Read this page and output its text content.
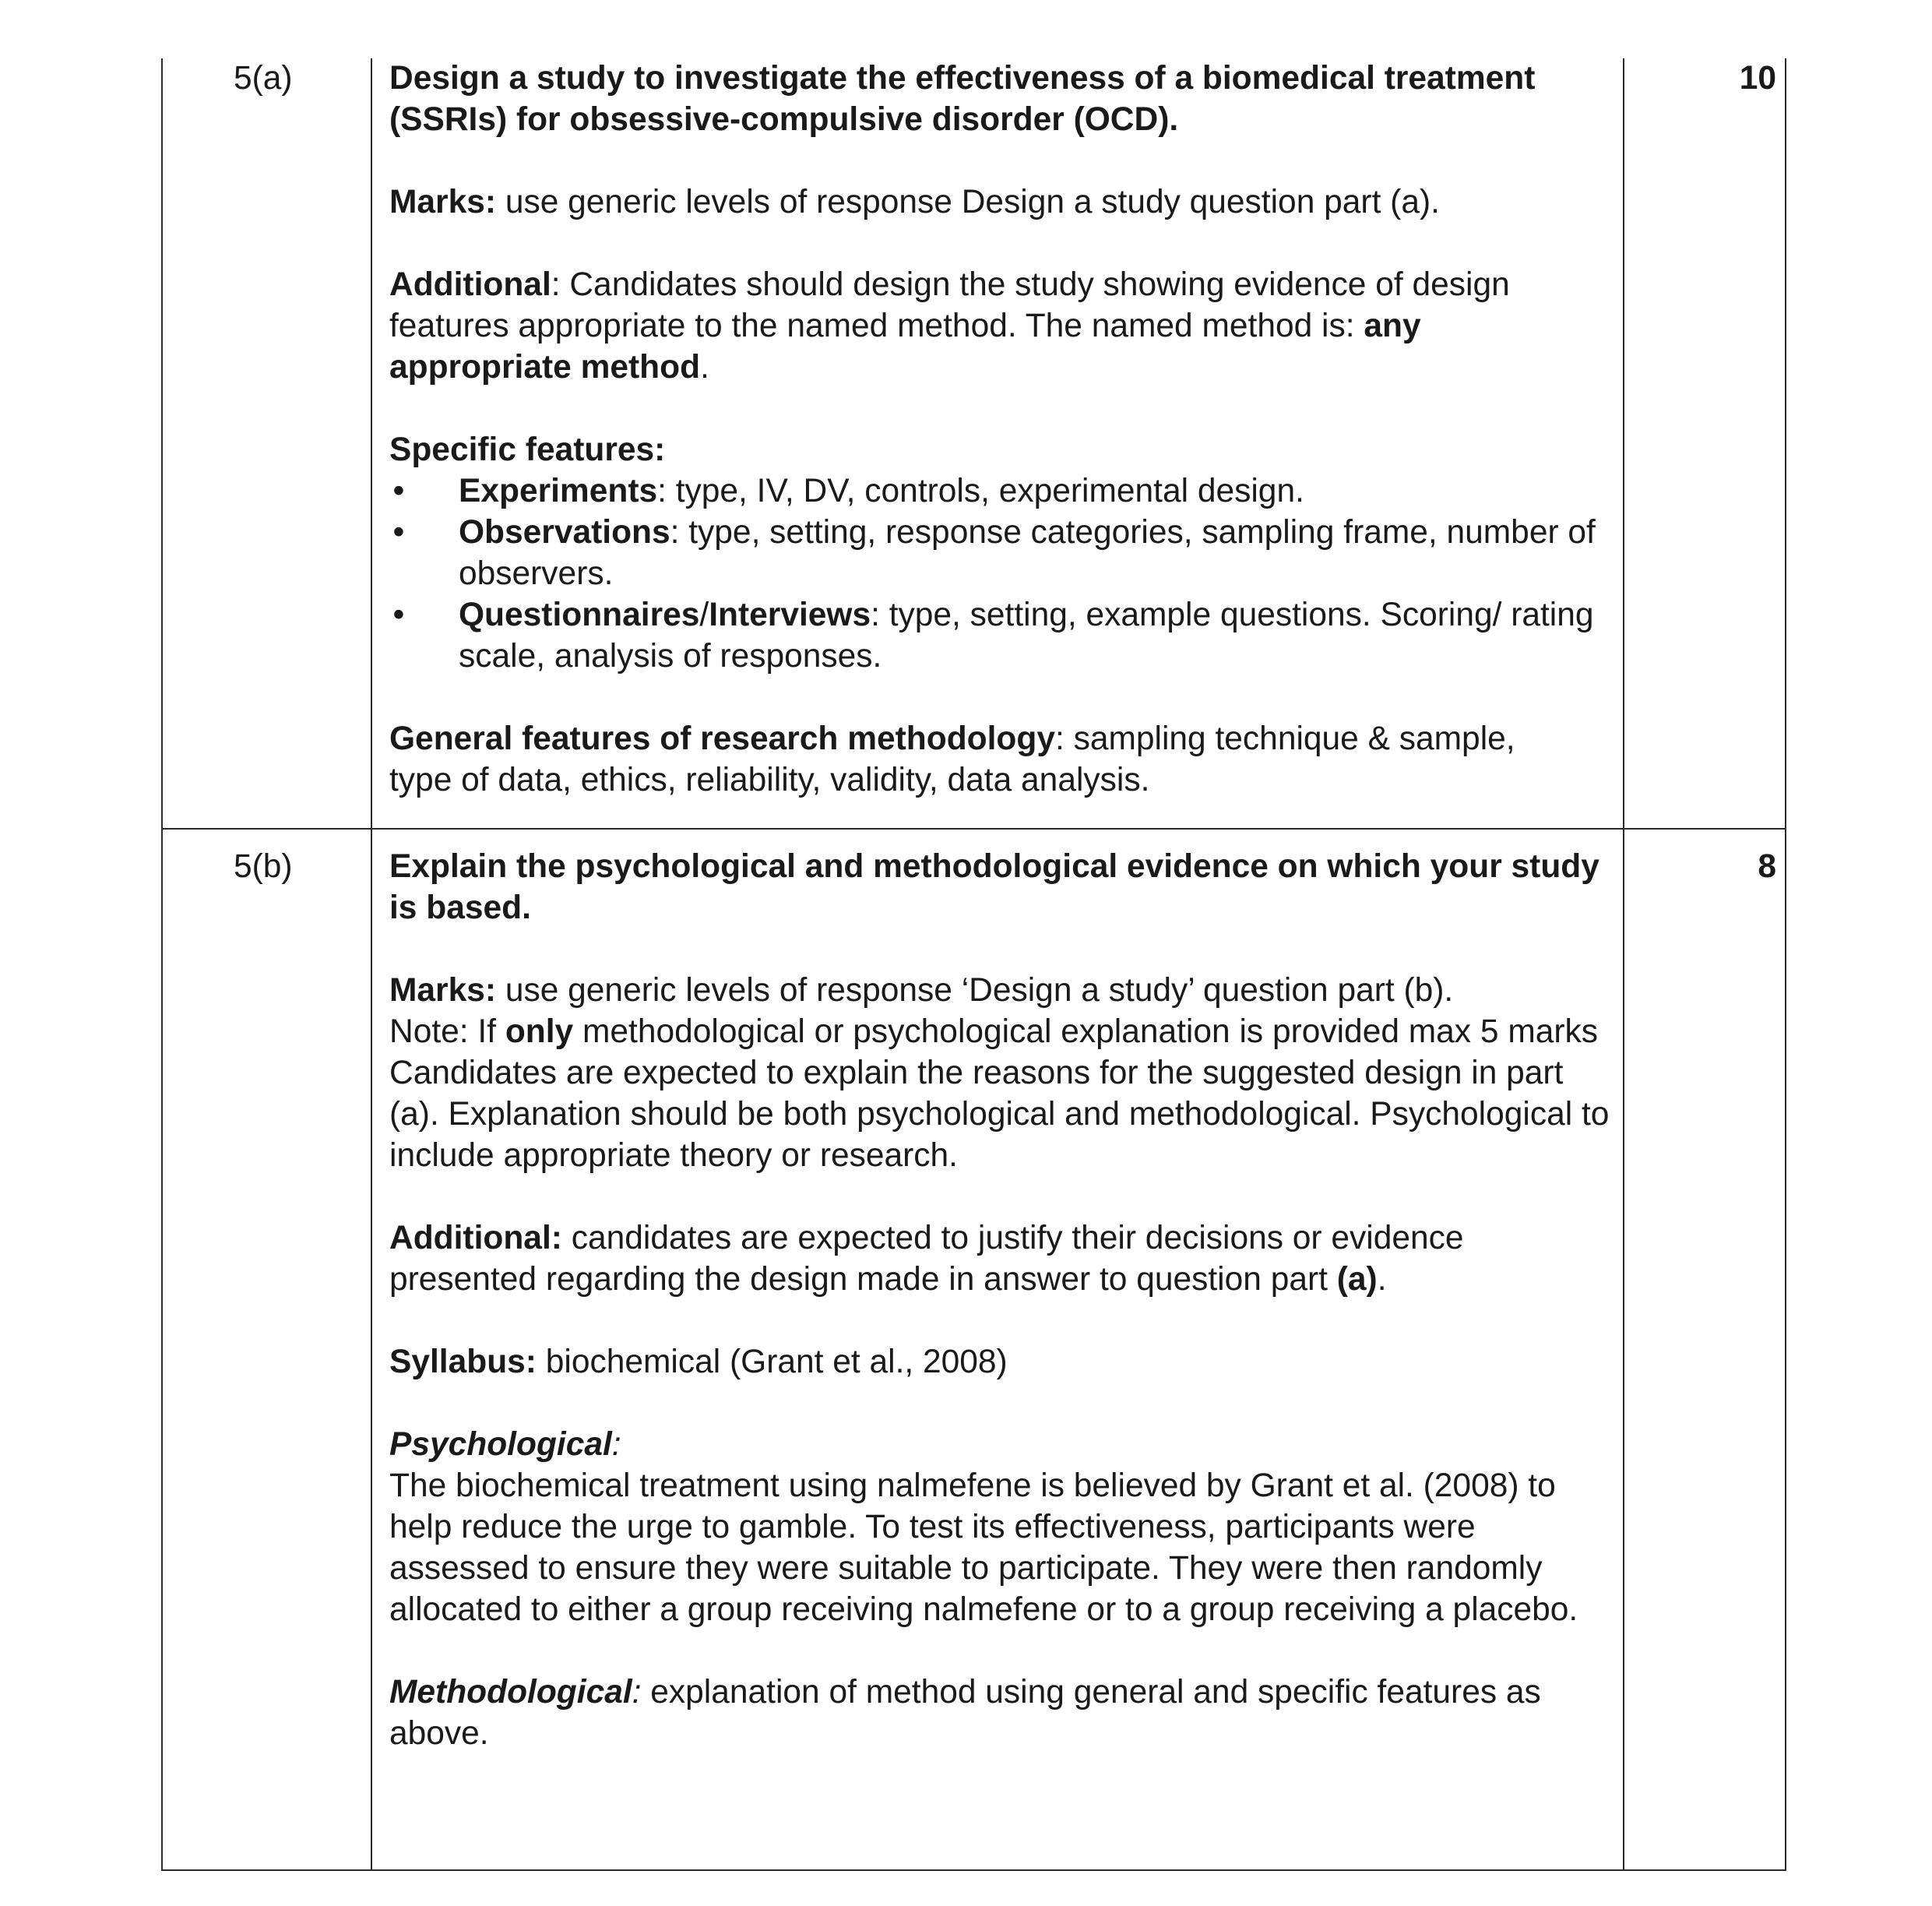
5(a)	10

Design a study to investigate the effectiveness of a biomedical treatment (SSRIs) for obsessive-compulsive disorder (OCD).

Marks: use generic levels of response Design a study question part (a).

Additional: Candidates should design the study showing evidence of design features appropriate to the named method. The named method is: any appropriate method.

Specific features:

• Experiments: type, IV, DV, controls, experimental design.
• Observations: type, setting, response categories, sampling frame, number of observers.
• Questionnaires/Interviews: type, setting, example questions. Scoring/ rating scale, analysis of responses.

General features of research methodology: sampling technique & sample, type of data, ethics, reliability, validity, data analysis.

5(b)	8

Explain the psychological and methodological evidence on which your study is based.

Marks: use generic levels of response ‘Design a study’ question part (b).

Note: If only methodological or psychological explanation is provided max 5 marks

Candidates are expected to explain the reasons for the suggested design in part (a). Explanation should be both psychological and methodological. Psychological to include appropriate theory or research.

Additional: candidates are expected to justify their decisions or evidence presented regarding the design made in answer to question part (a).

Syllabus: biochemical (Grant et al., 2008)

Psychological:

The biochemical treatment using nalmefene is believed by Grant et al. (2008) to help reduce the urge to gamble. To test its effectiveness, participants were assessed to ensure they were suitable to participate. They were then randomly allocated to either a group receiving nalmefene or to a group receiving a placebo.

Methodological: explanation of method using general and specific features as above.
